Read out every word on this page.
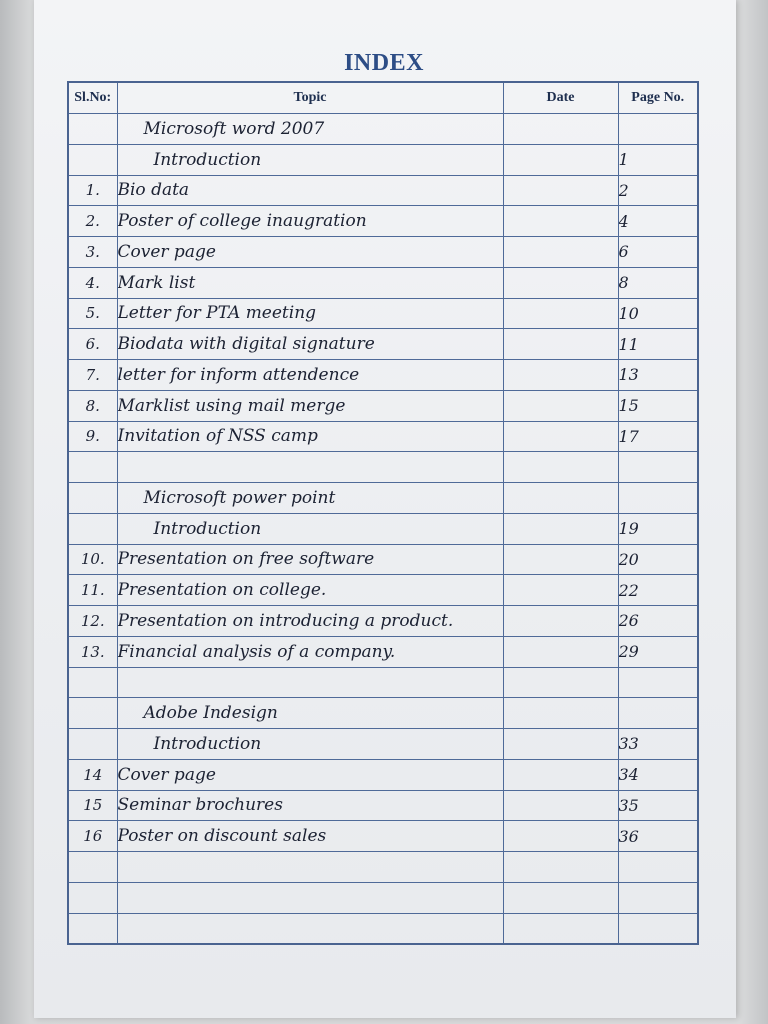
INDEX
Sl.No:	Topic	Date	Page No.
	Microsoft word 2007		
	Introduction		1
1.	Bio data		2
2.	Poster of college inaugration		4
3.	Cover page		6
4.	Mark list		8
5.	Letter for PTA meeting		10
6.	Biodata with digital signature		11
7.	letter for inform attendence		13
8.	Marklist using mail merge		15
9.	Invitation of NSS camp		17

	Microsoft power point		
	Introduction		19
10.	Presentation on free software		20
11.	Presentation on college.		22
12.	Presentation on introducing a product.		26
13.	Financial analysis of a company.		29

	Adobe Indesign		
	Introduction		33
14	Cover page		34
15	Seminar brochures		35
16	Poster on discount sales		36
